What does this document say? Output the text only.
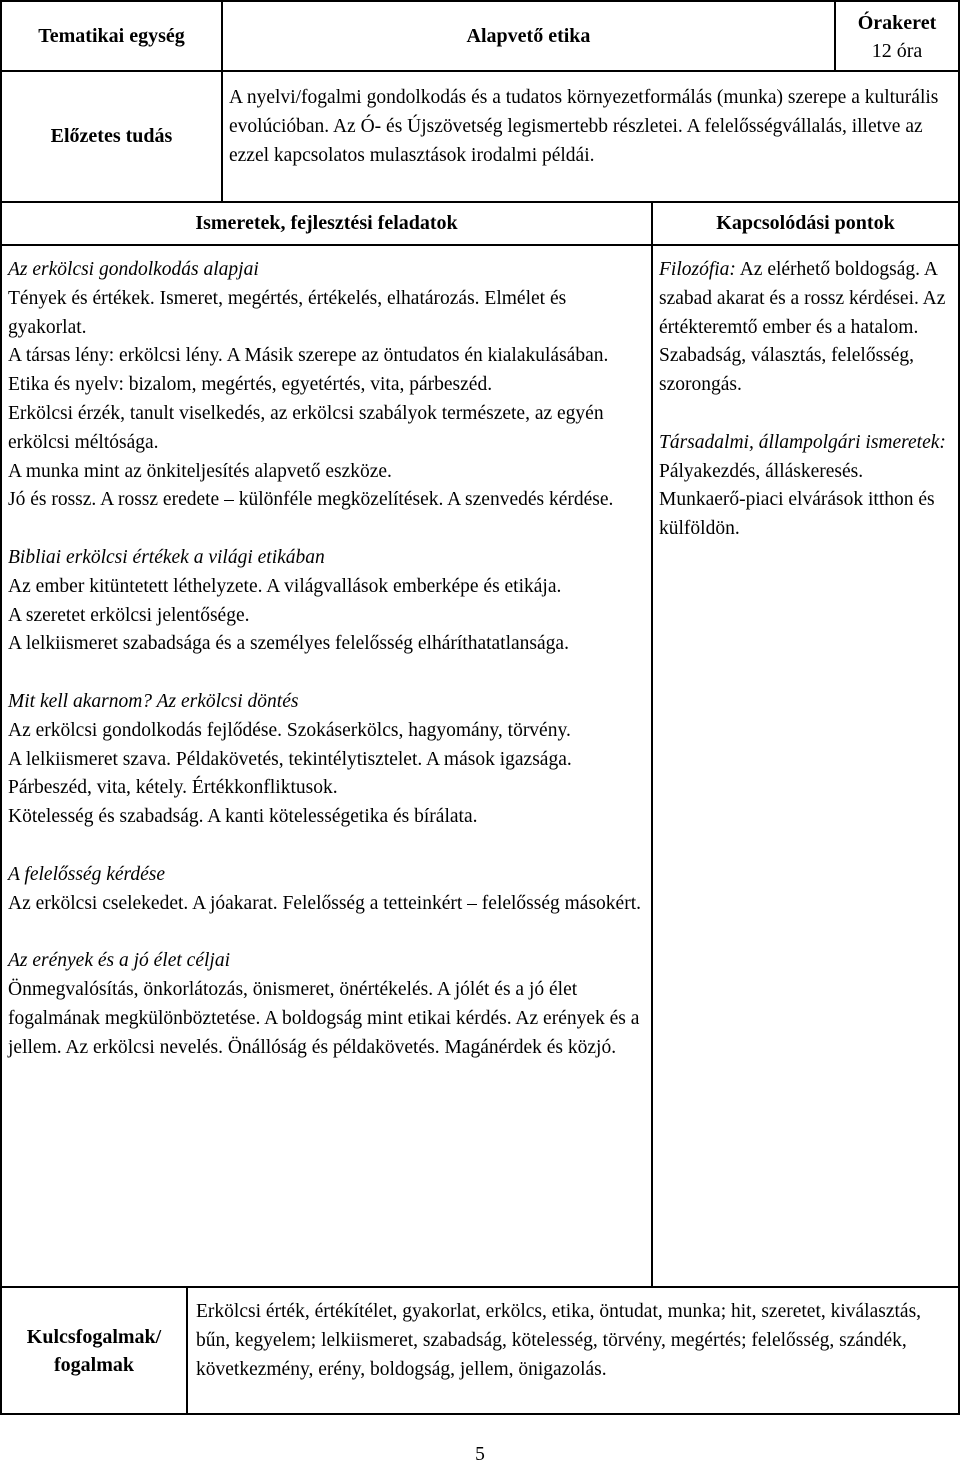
Tematikai egység	Alapvető etika
Órakeret
12 óra
Előzetes tudás
A nyelvi/fogalmi gondolkodás és a tudatos környezetformálás (munka) szerepe a kulturális evolúcióban. Az Ó- és Újszövetség legismertebb részletei. A felelősségvállalás, illetve az ezzel kapcsolatos mulasztások irodalmi példái.
Ismeretek, fejlesztési feladatok	Kapcsolódási pontok

Az erkölcsi gondolkodás alapjai

Tények és értékek. Ismeret, megértés, értékelés, elhatározás. Elmélet és gyakorlat.

A társas lény: erkölcsi lény. A Másik szerepe az öntudatos én kialakulásában.

Etika és nyelv: bizalom, megértés, egyetértés, vita, párbeszéd.

Erkölcsi érzék, tanult viselkedés, az erkölcsi szabályok természete, az egyén erkölcsi méltósága.

A munka mint az önkiteljesítés alapvető eszköze.

Jó és rossz. A rossz eredete – különféle megközelítések. A szenvedés kérdése.

Bibliai erkölcsi értékek a világi etikában

Az ember kitüntetett léthelyzete. A világvallások emberképe és etikája.

A szeretet erkölcsi jelentősége.

A lelkiismeret szabadsága és a személyes felelősség elháríthatatlansága.

Mit kell akarnom? Az erkölcsi döntés

Az erkölcsi gondolkodás fejlődése. Szokáserkölcs, hagyomány, törvény.

A lelkiismeret szava. Példakövetés, tekintélytisztelet. A mások igazsága.

Párbeszéd, vita, kétely. Értékkonfliktusok.

Kötelesség és szabadság. A kanti kötelességetika és bírálata.

A felelősség kérdése

Az erkölcsi cselekedet. A jóakarat. Felelősség a tetteinkért – felelősség másokért.

Az erények és a jó élet céljai

Önmegvalósítás, önkorlátozás, önismeret, önértékelés. A jólét és a jó élet fogalmának megkülönböztetése. A boldogság mint etikai kérdés. Az erények és a jellem. Az erkölcsi nevelés. Önállóság és példakövetés. Magánérdek és közjó.

Filozófia: Az elérhető boldogság. A szabad akarat és a rossz kérdései. Az értékteremtő ember és a hatalom. Szabadság, választás, felelősség, szorongás.

Társadalmi, állampolgári ismeretek: Pályakezdés, álláskeresés.

Munkaerő-piaci elvárások itthon és külföldön.

Kulcsfogalmak/
fogalmak
Erkölcsi érték, értékítélet, gyakorlat, erkölcs, etika, öntudat, munka; hit, szeretet, kiválasztás, bűn, kegyelem; lelkiismeret, szabadság, kötelesség, törvény, megértés; felelősség, szándék, következmény, erény, boldogság, jellem, önigazolás.
5
